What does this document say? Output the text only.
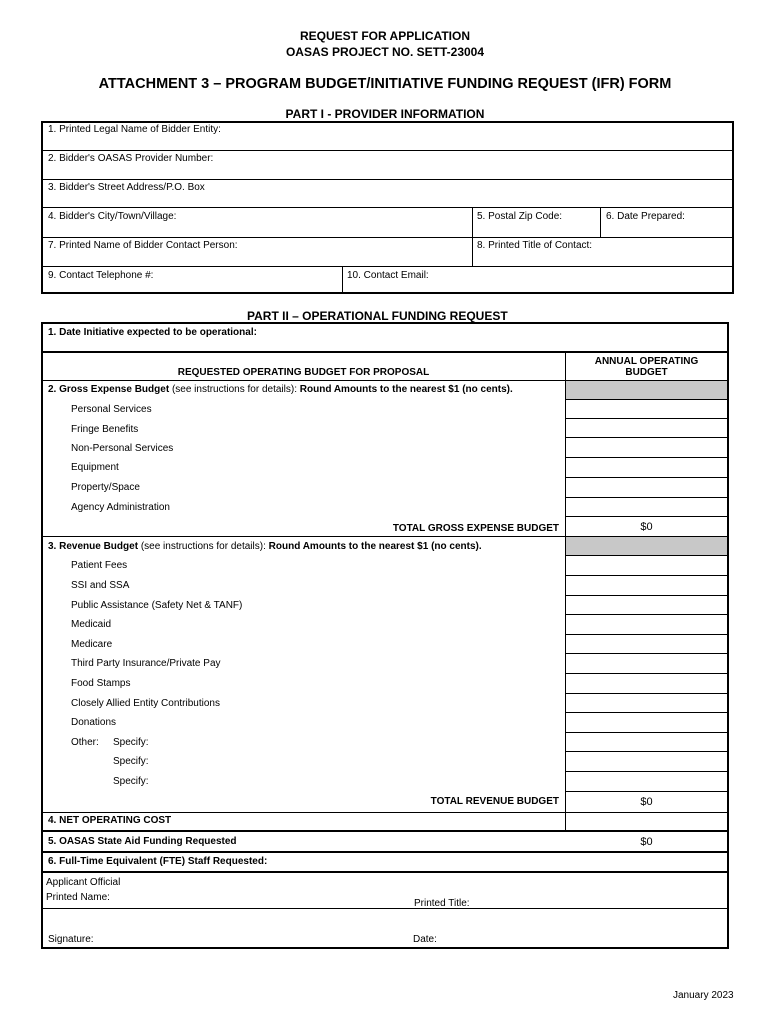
REQUEST FOR APPLICATION
OASAS PROJECT NO. SETT-23004
ATTACHMENT 3 – PROGRAM BUDGET/INITIATIVE FUNDING REQUEST (IFR) FORM
PART I - PROVIDER INFORMATION
1. Printed Legal Name of Bidder Entity:
2. Bidder's OASAS Provider Number:
3. Bidder's Street Address/P.O. Box
4. Bidder's City/Town/Village:	5. Postal Zip Code:	6. Date Prepared:
7. Printed Name of Bidder Contact Person:	8. Printed Title of Contact:
9. Contact Telephone #:	10. Contact Email:
PART II – OPERATIONAL FUNDING REQUEST
1. Date Initiative expected to be operational:
REQUESTED OPERATING BUDGET FOR PROPOSAL
ANNUAL OPERATING
BUDGET
2. Gross Expense Budget (see instructions for details): Round Amounts to the nearest $1 (no cents).
Personal Services
Fringe Benefits
Non-Personal Services
Equipment
Property/Space
Agency Administration
TOTAL GROSS EXPENSE BUDGET	$0
3. Revenue Budget (see instructions for details): Round Amounts to the nearest $1 (no cents).
Patient Fees
SSI and SSA
Public Assistance (Safety Net & TANF)
Medicaid
Medicare
Third Party Insurance/Private Pay
Food Stamps
Closely Allied Entity Contributions
Donations
Other: Specify:
Specify:
Specify:
TOTAL REVENUE BUDGET	$0
4. NET OPERATING COST
5. OASAS State Aid Funding Requested	$0
6. Full-Time Equivalent (FTE) Staff Requested:
Applicant Official
Printed Name:
Printed Title:
Signature:	Date:
January 2023
